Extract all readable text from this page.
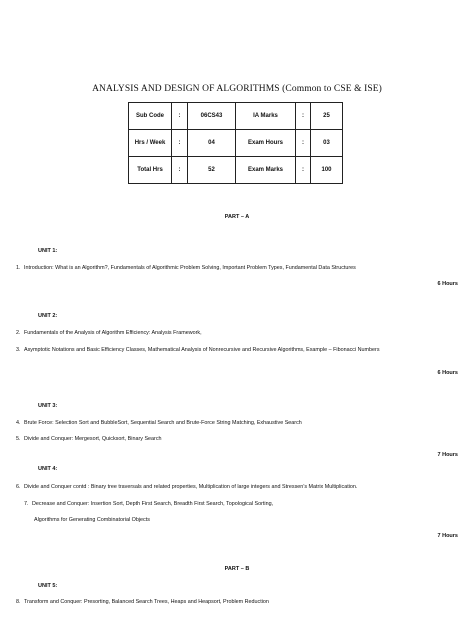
ANALYSIS AND DESIGN OF ALGORITHMS (Common to CSE & ISE)
Sub Code	:	06CS43	IA Marks	:	25
Hrs / Week	:	04	Exam Hours	:	03
Total Hrs	:	52	Exam Marks	:	100
PART – A
UNIT 1:
1. Introduction: What is an Algorithm?, Fundamentals of Algorithmic Problem Solving, Important Problem Types, Fundamental Data Structures
6 Hours
UNIT 2:
2. Fundamentals of the Analysis of Algorithm Efficiency: Analysis Framework,
3. Asymptotic Notations and Basic Efficiency Classes, Mathematical Analysis of Nonrecursive and Recursive Algorithms, Example – Fibonacci Numbers
6 Hours
UNIT 3:
4. Brute Force: Selection Sort and BubbleSort, Sequential Search and Brute-Force String Matching, Exhaustive Search
5. Divide and Conquer: Mergesort, Quicksort, Binary Search
7 Hours
UNIT 4:
6. Divide and Conquer contd : Binary tree traversals and related properties, Multiplication of large integers and Stressen’s Matrix Multiplication.
7. Decrease and Conquer: Insertion Sort, Depth First Search, Breadth First Search, Topological Sorting,
Algorithms for Generating Combinatorial Objects
7 Hours
PART – B
UNIT 5:
8. Transform and Conquer: Presorting, Balanced Search Trees, Heaps and Heapsort, Problem Reduction
